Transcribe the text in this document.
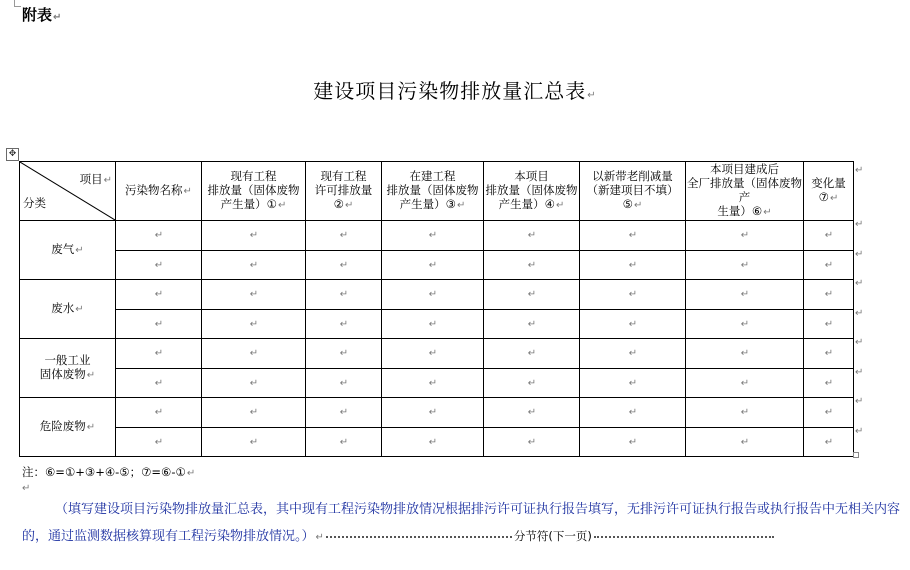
附表↵
建设项目污染物排放量汇总表↵
✥
项目↵
分类	污染物名称↵	现有工程
排放量（固体废物
产生量）①↵	现有工程
许可排放量
②↵	在建工程
排放量（固体废物
产生量）③↵	本项目
排放量（固体废物
产生量）④↵	以新带老削减量
（新建项目不填）⑤↵	本项目建成后
全厂排放量（固体废物产
生量）⑥↵	变化量
⑦↵
废气↵	↵	↵	↵	↵	↵	↵	↵	↵
	↵	↵	↵	↵	↵	↵	↵	↵
废水↵	↵	↵	↵	↵	↵	↵	↵	↵
	↵	↵	↵	↵	↵	↵	↵	↵
一般工业
固体废物↵	↵	↵	↵	↵	↵	↵	↵	↵
	↵	↵	↵	↵	↵	↵	↵	↵
危险废物↵	↵	↵	↵	↵	↵	↵	↵	↵
	↵	↵	↵	↵	↵	↵	↵	↵
↵
↵
↵
↵
↵
↵
↵
↵
↵
注：⑥=①+③+④-⑤；⑦=⑥-①↵
↵
（填写建设项目污染物排放量汇总表，其中现有工程污染物排放情况根据排污许可证执行报告填写，无排污许可证执行报告或执行报告中无相关内容的，通过监测数据核算现有工程污染物排放情况。）↵	分节符(下一页)
